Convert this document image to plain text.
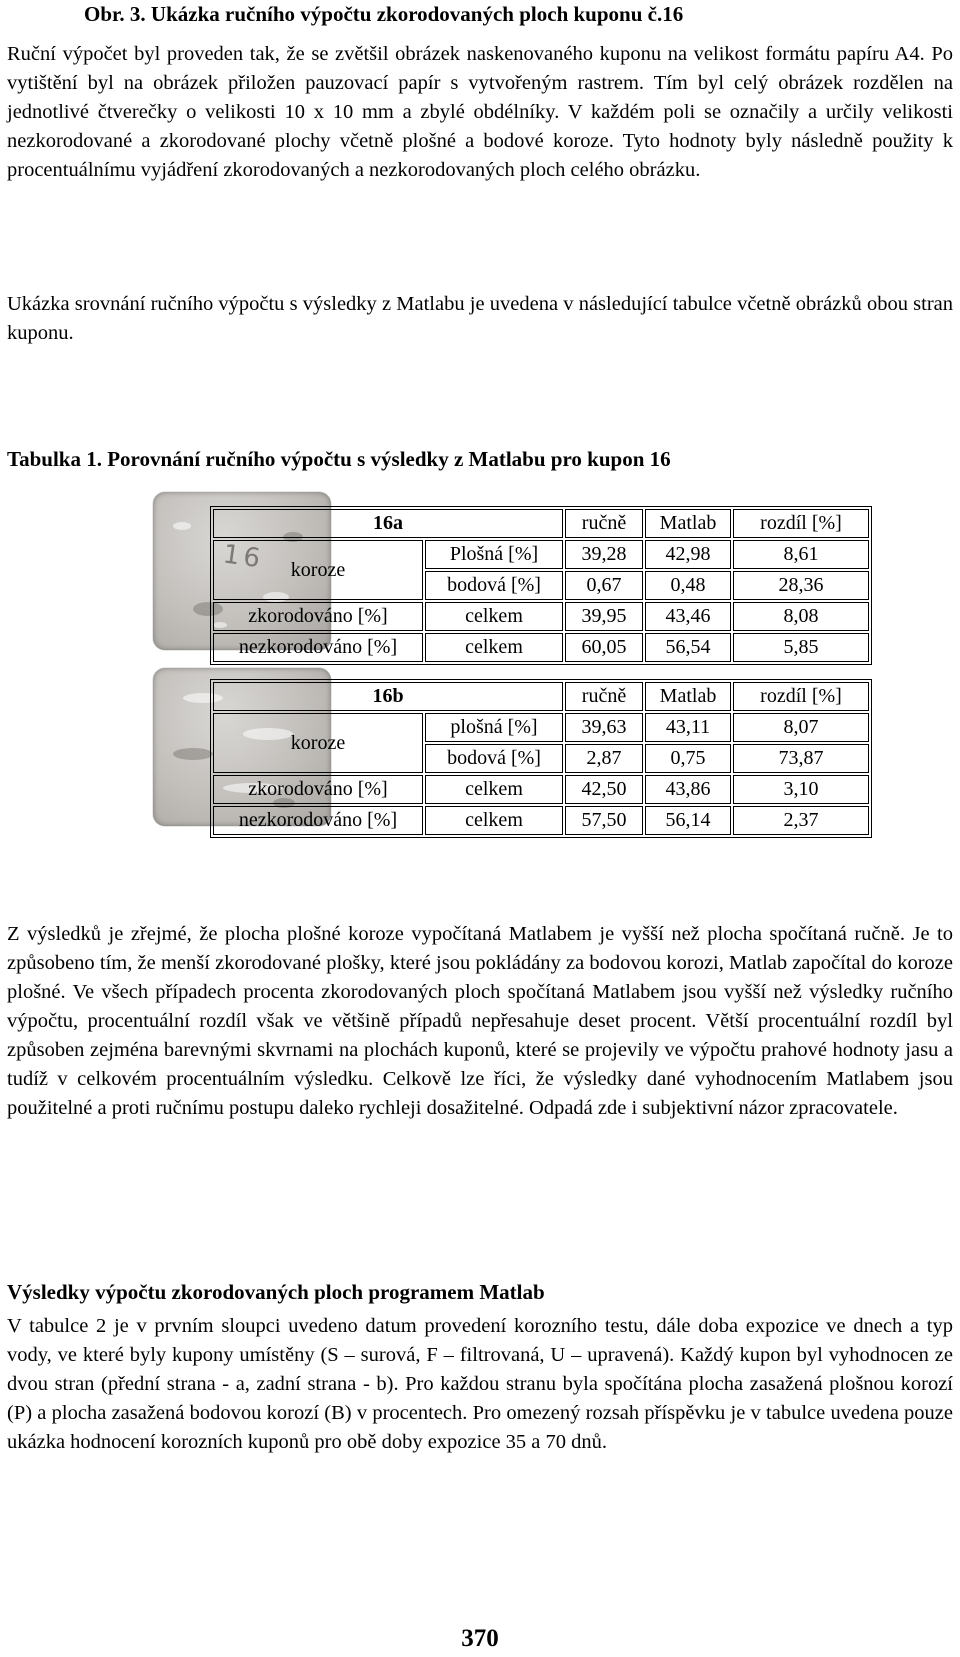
Obr. 3. Ukázka ručního výpočtu zkorodovaných ploch kuponu č.16

Ruční výpočet byl proveden tak, že se zvětšil obrázek naskenovaného kuponu na velikost formátu papíru A4. Po vytištění byl na obrázek přiložen pauzovací papír s vytvořeným rastrem. Tím byl celý obrázek rozdělen na jednotlivé čtverečky o velikosti 10 x 10 mm a zbylé obdélníky. V každém poli se označily a určily velikosti nezkorodované a zkorodované plochy včetně plošné a bodové koroze. Tyto hodnoty byly následně použity k procentuálnímu vyjádření zkorodovaných a nezkorodovaných ploch celého obrázku.

Ukázka srovnání ručního výpočtu s výsledky z Matlabu je uvedena v následující tabulce včetně obrázků obou stran kuponu.

Tabulka 1. Porovnání ručního výpočtu s výsledky z Matlabu pro kupon 16
16
16a		ručně	Matlab	rozdíl [%]
koroze	Plošná [%]	39,28	42,98	8,61
	bodová [%]	0,67	0,48	28,36
zkorodováno [%]	celkem	39,95	43,46	8,08
nezkorodováno [%]	celkem	60,05	56,54	5,85
16b		ručně	Matlab	rozdíl [%]
koroze	plošná [%]	39,63	43,11	8,07
	bodová [%]	2,87	0,75	73,87
zkorodováno [%]	celkem	42,50	43,86	3,10
nezkorodováno [%]	celkem	57,50	56,14	2,37

Z výsledků je zřejmé, že plocha plošné koroze vypočítaná Matlabem je vyšší než plocha spočítaná ručně. Je to způsobeno tím, že menší zkorodované plošky, které jsou pokládány za bodovou korozi, Matlab započítal do koroze plošné. Ve všech případech procenta zkorodovaných ploch spočítaná Matlabem jsou vyšší než výsledky ručního výpočtu, procentuální rozdíl však ve většině případů nepřesahuje deset procent. Větší procentuální rozdíl byl způsoben zejména barevnými skvrnami na plochách kuponů, které se projevily ve výpočtu prahové hodnoty jasu a tudíž v celkovém procentuálním výsledku. Celkově lze říci, že výsledky dané vyhodnocením Matlabem jsou použitelné a proti ručnímu postupu daleko rychleji dosažitelné. Odpadá zde i subjektivní názor zpracovatele.

Výsledky výpočtu zkorodovaných ploch programem Matlab

V tabulce 2 je v prvním sloupci uvedeno datum provedení korozního testu, dále doba expozice ve dnech a typ vody, ve které byly kupony umístěny (S – surová, F – filtrovaná, U – upravená). Každý kupon byl vyhodnocen ze dvou stran (přední strana - a, zadní strana - b). Pro každou stranu byla spočítána plocha zasažená plošnou korozí (P) a plocha zasažená bodovou korozí (B) v procentech. Pro omezený rozsah příspěvku je v tabulce uvedena pouze ukázka hodnocení korozních kuponů pro obě doby expozice 35 a 70 dnů.

370
